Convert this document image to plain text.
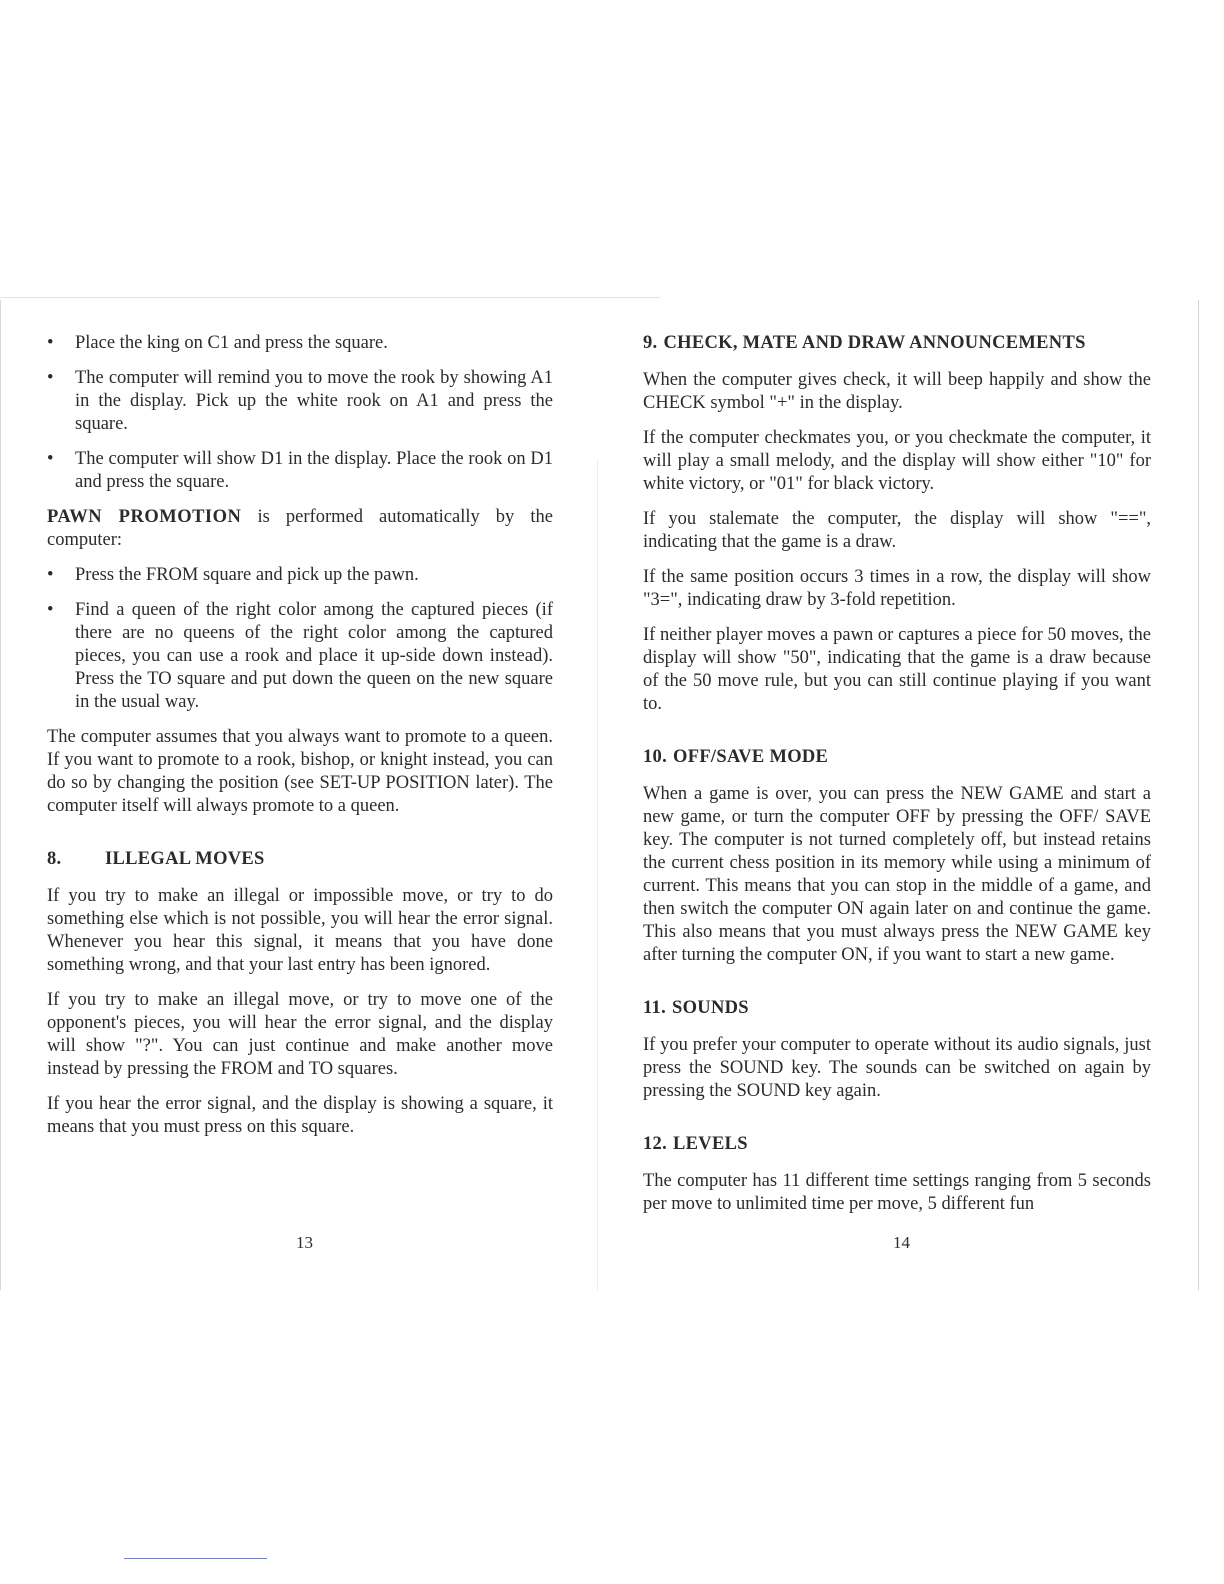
• Place the king on C1 and press the square.
• The computer will remind you to move the rook by showing A1 in the display. Pick up the white rook on A1 and press the square.
• The computer will show D1 in the display. Place the rook on D1 and press the square.

PAWN PROMOTION is performed automatically by the computer:

• Press the FROM square and pick up the pawn.
• Find a queen of the right color among the captured pieces (if there are no queens of the right color among the captured pieces, you can use a rook and place it up-side down instead). Press the TO square and put down the queen on the new square in the usual way.

The computer assumes that you always want to promote to a queen. If you want to promote to a rook, bishop, or knight instead, you can do so by changing the position (see SET-UP POSITION later). The computer itself will always promote to a queen.

8. ILLEGAL MOVES

If you try to make an illegal or impossible move, or try to do something else which is not possible, you will hear the error signal. Whenever you hear this signal, it means that you have done something wrong, and that your last entry has been ignored.

If you try to make an illegal move, or try to move one of the opponent's pieces, you will hear the error signal, and the display will show "?". You can just continue and make another move instead by pressing the FROM and TO squares.

If you hear the error signal, and the display is showing a square, it means that you must press on this square.

13
9. CHECK, MATE AND DRAW ANNOUNCEMENTS

When the computer gives check, it will beep happily and show the CHECK symbol "+" in the display.

If the computer checkmates you, or you checkmate the computer, it will play a small melody, and the display will show either "10" for white victory, or "01" for black victory.

If you stalemate the computer, the display will show "==", indicating that the game is a draw.

If the same position occurs 3 times in a row, the display will show "3=", indicating draw by 3-fold repetition.

If neither player moves a pawn or captures a piece for 50 moves, the display will show "50", indicating that the game is a draw because of the 50 move rule, but you can still continue playing if you want to.

10. OFF/SAVE MODE

When a game is over, you can press the NEW GAME and start a new game, or turn the computer OFF by pressing the OFF/ SAVE key. The computer is not turned completely off, but instead retains the current chess position in its memory while using a minimum of current. This means that you can stop in the middle of a game, and then switch the computer ON again later on and continue the game. This also means that you must always press the NEW GAME key after turning the computer ON, if you want to start a new game.

11. SOUNDS

If you prefer your computer to operate without its audio signals, just press the SOUND key. The sounds can be switched on again by pressing the SOUND key again.

12. LEVELS

The computer has 11 different time settings ranging from 5 seconds per move to unlimited time per move, 5 different fun

14
